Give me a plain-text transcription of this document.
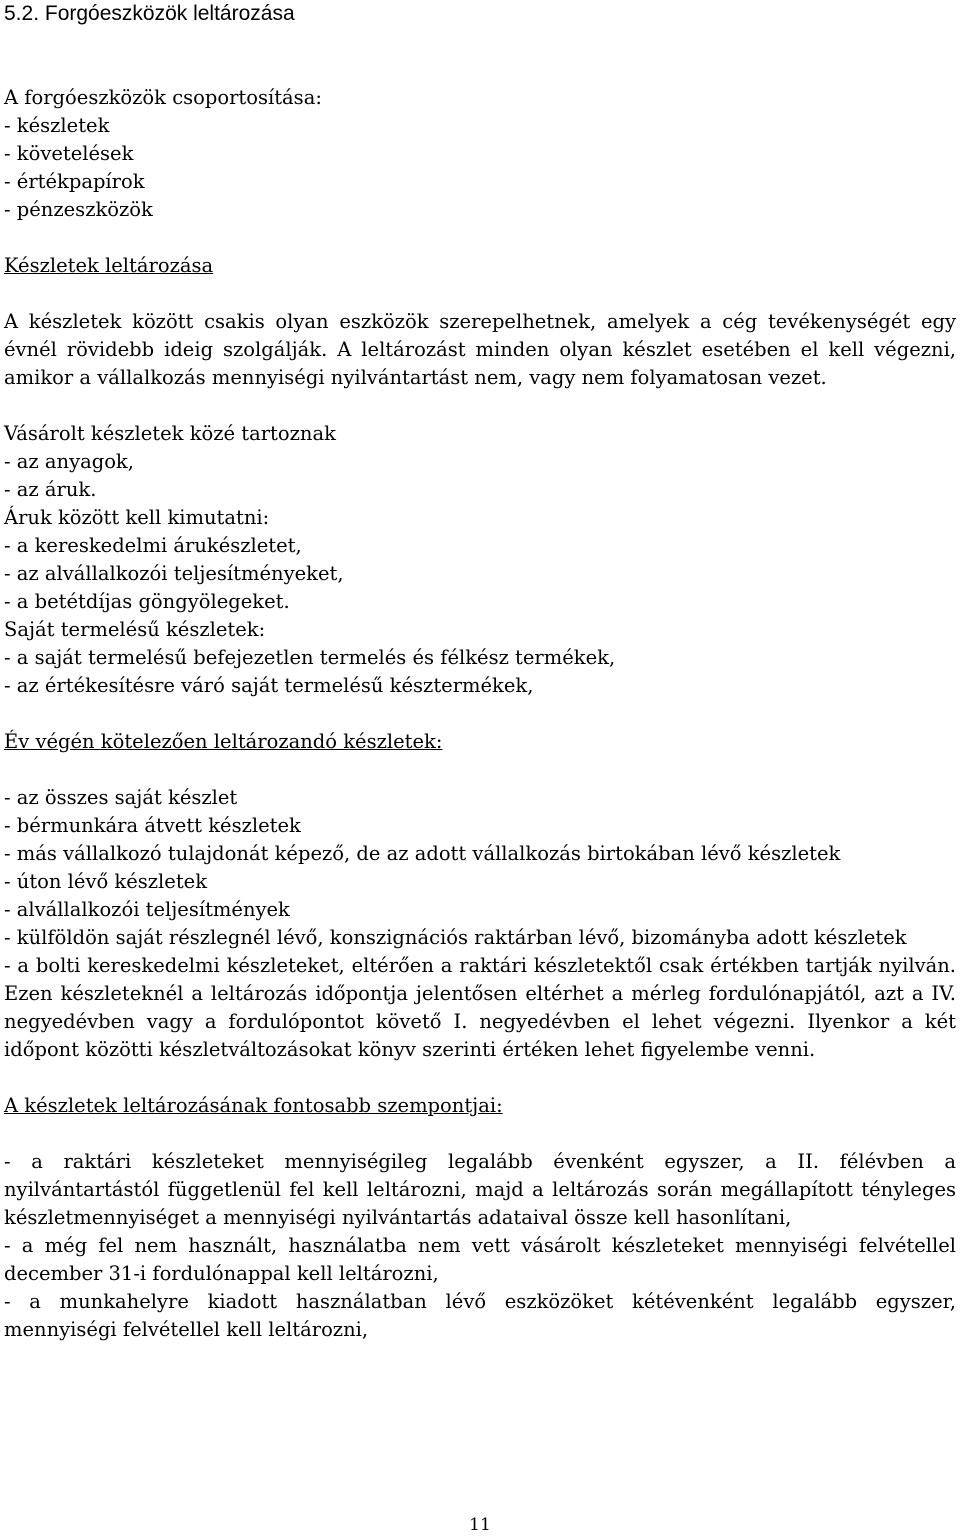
5.2. Forgóeszközök leltározása

A forgóeszközök csoportosítása:

- készletek

- követelések

- értékpapírok

- pénzeszközök

Készletek leltározása

A készletek között csakis olyan eszközök szerepelhetnek, amelyek a cég tevékenységét egy évnél rövidebb ideig szolgálják. A leltározást minden olyan készlet esetében el kell végezni, amikor a vállalkozás mennyiségi nyilvántartást nem, vagy nem folyamatosan vezet.

Vásárolt készletek közé tartoznak

- az anyagok,

- az áruk.

Áruk között kell kimutatni:

- a kereskedelmi árukészletet,

- az alvállalkozói teljesítményeket,

- a betétdíjas göngyölegeket.

Saját termelésű készletek:

- a saját termelésű befejezetlen termelés és félkész termékek,

- az értékesítésre váró saját termelésű késztermékek,

Év végén kötelezően leltározandó készletek:

- az összes saját készlet

- bérmunkára átvett készletek

- más vállalkozó tulajdonát képező, de az adott vállalkozás birtokában lévő készletek

- úton lévő készletek

- alvállalkozói teljesítmények

- külföldön saját részlegnél lévő, konszignációs raktárban lévő, bizományba adott készletek

- a bolti kereskedelmi készleteket, eltérően a raktári készletektől csak értékben tartják nyilván. Ezen készleteknél a leltározás időpontja jelentősen eltérhet a mérleg fordulónapjától, azt a IV. negyedévben vagy a fordulópontot követő I. negyedévben el lehet végezni. Ilyenkor a két időpont közötti készletváltozásokat könyv szerinti értéken lehet figyelembe venni.

A készletek leltározásának fontosabb szempontjai:

- a raktári készleteket mennyiségileg legalább évenként egyszer, a II. félévben a nyilvántartástól függetlenül fel kell leltározni, majd a leltározás során megállapított tényleges készletmennyiséget a mennyiségi nyilvántartás adataival össze kell hasonlítani,

- a még fel nem használt, használatba nem vett vásárolt készleteket mennyiségi felvétellel december 31-i fordulónappal kell leltározni,

- a munkahelyre kiadott használatban lévő eszközöket kétévenként legalább egyszer, mennyiségi felvétellel kell leltározni,

11
